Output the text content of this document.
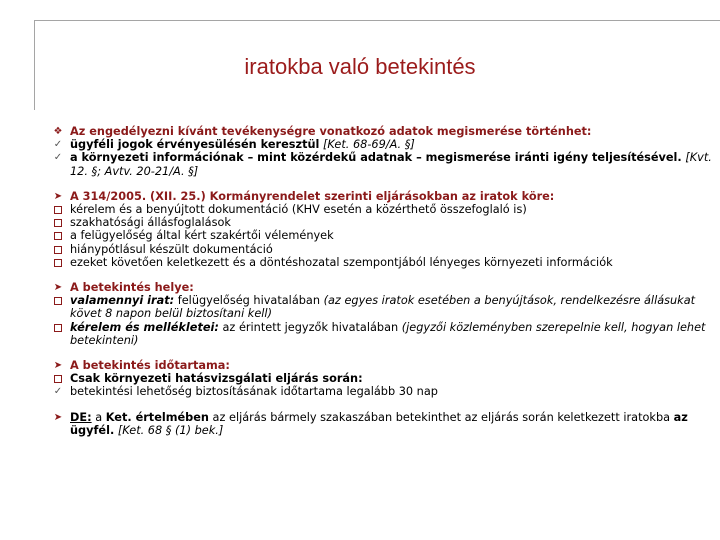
iratokba való betekintés
❖ Az engedélyezni kívánt tevékenységre vonatkozó adatok megismerése történhet:
✓ ügyféli jogok érvényesülésén keresztül [Ket. 68-69/A. §]
✓ a környezeti információnak – mint közérdekű adatnak – megismerése iránti igény teljesítésével. [Kvt. 12. §; Avtv. 20-21/A. §]
➤ A 314/2005. (XII. 25.) Kormányrendelet szerinti eljárásokban az iratok köre:
kérelem és a benyújtott dokumentáció (KHV esetén a közérthető összefoglaló is)
szakhatósági állásfoglalások
a felügyelőség által kért szakértői vélemények
hiánypótlásul készült dokumentáció
ezeket követően keletkezett és a döntéshozatal szempontjából lényeges környezeti információk
➤ A betekintés helye:
valamennyi irat: felügyelőség hivatalában (az egyes iratok esetében a benyújtások, rendelkezésre állásukat követ 8 napon belül biztosítani kell)
kérelem és mellékletei: az érintett jegyzők hivatalában (jegyzői közleményben szerepelnie kell, hogyan lehet betekinteni)
➤ A betekintés időtartama:
Csak környezeti hatásvizsgálati eljárás során:
✓ betekintési lehetőség biztosításának időtartama legalább 30 nap
➤ DE: a Ket. értelmében az eljárás bármely szakaszában betekinthet az eljárás során keletkezett iratokba az ügyfél. [Ket. 68 § (1) bek.]
